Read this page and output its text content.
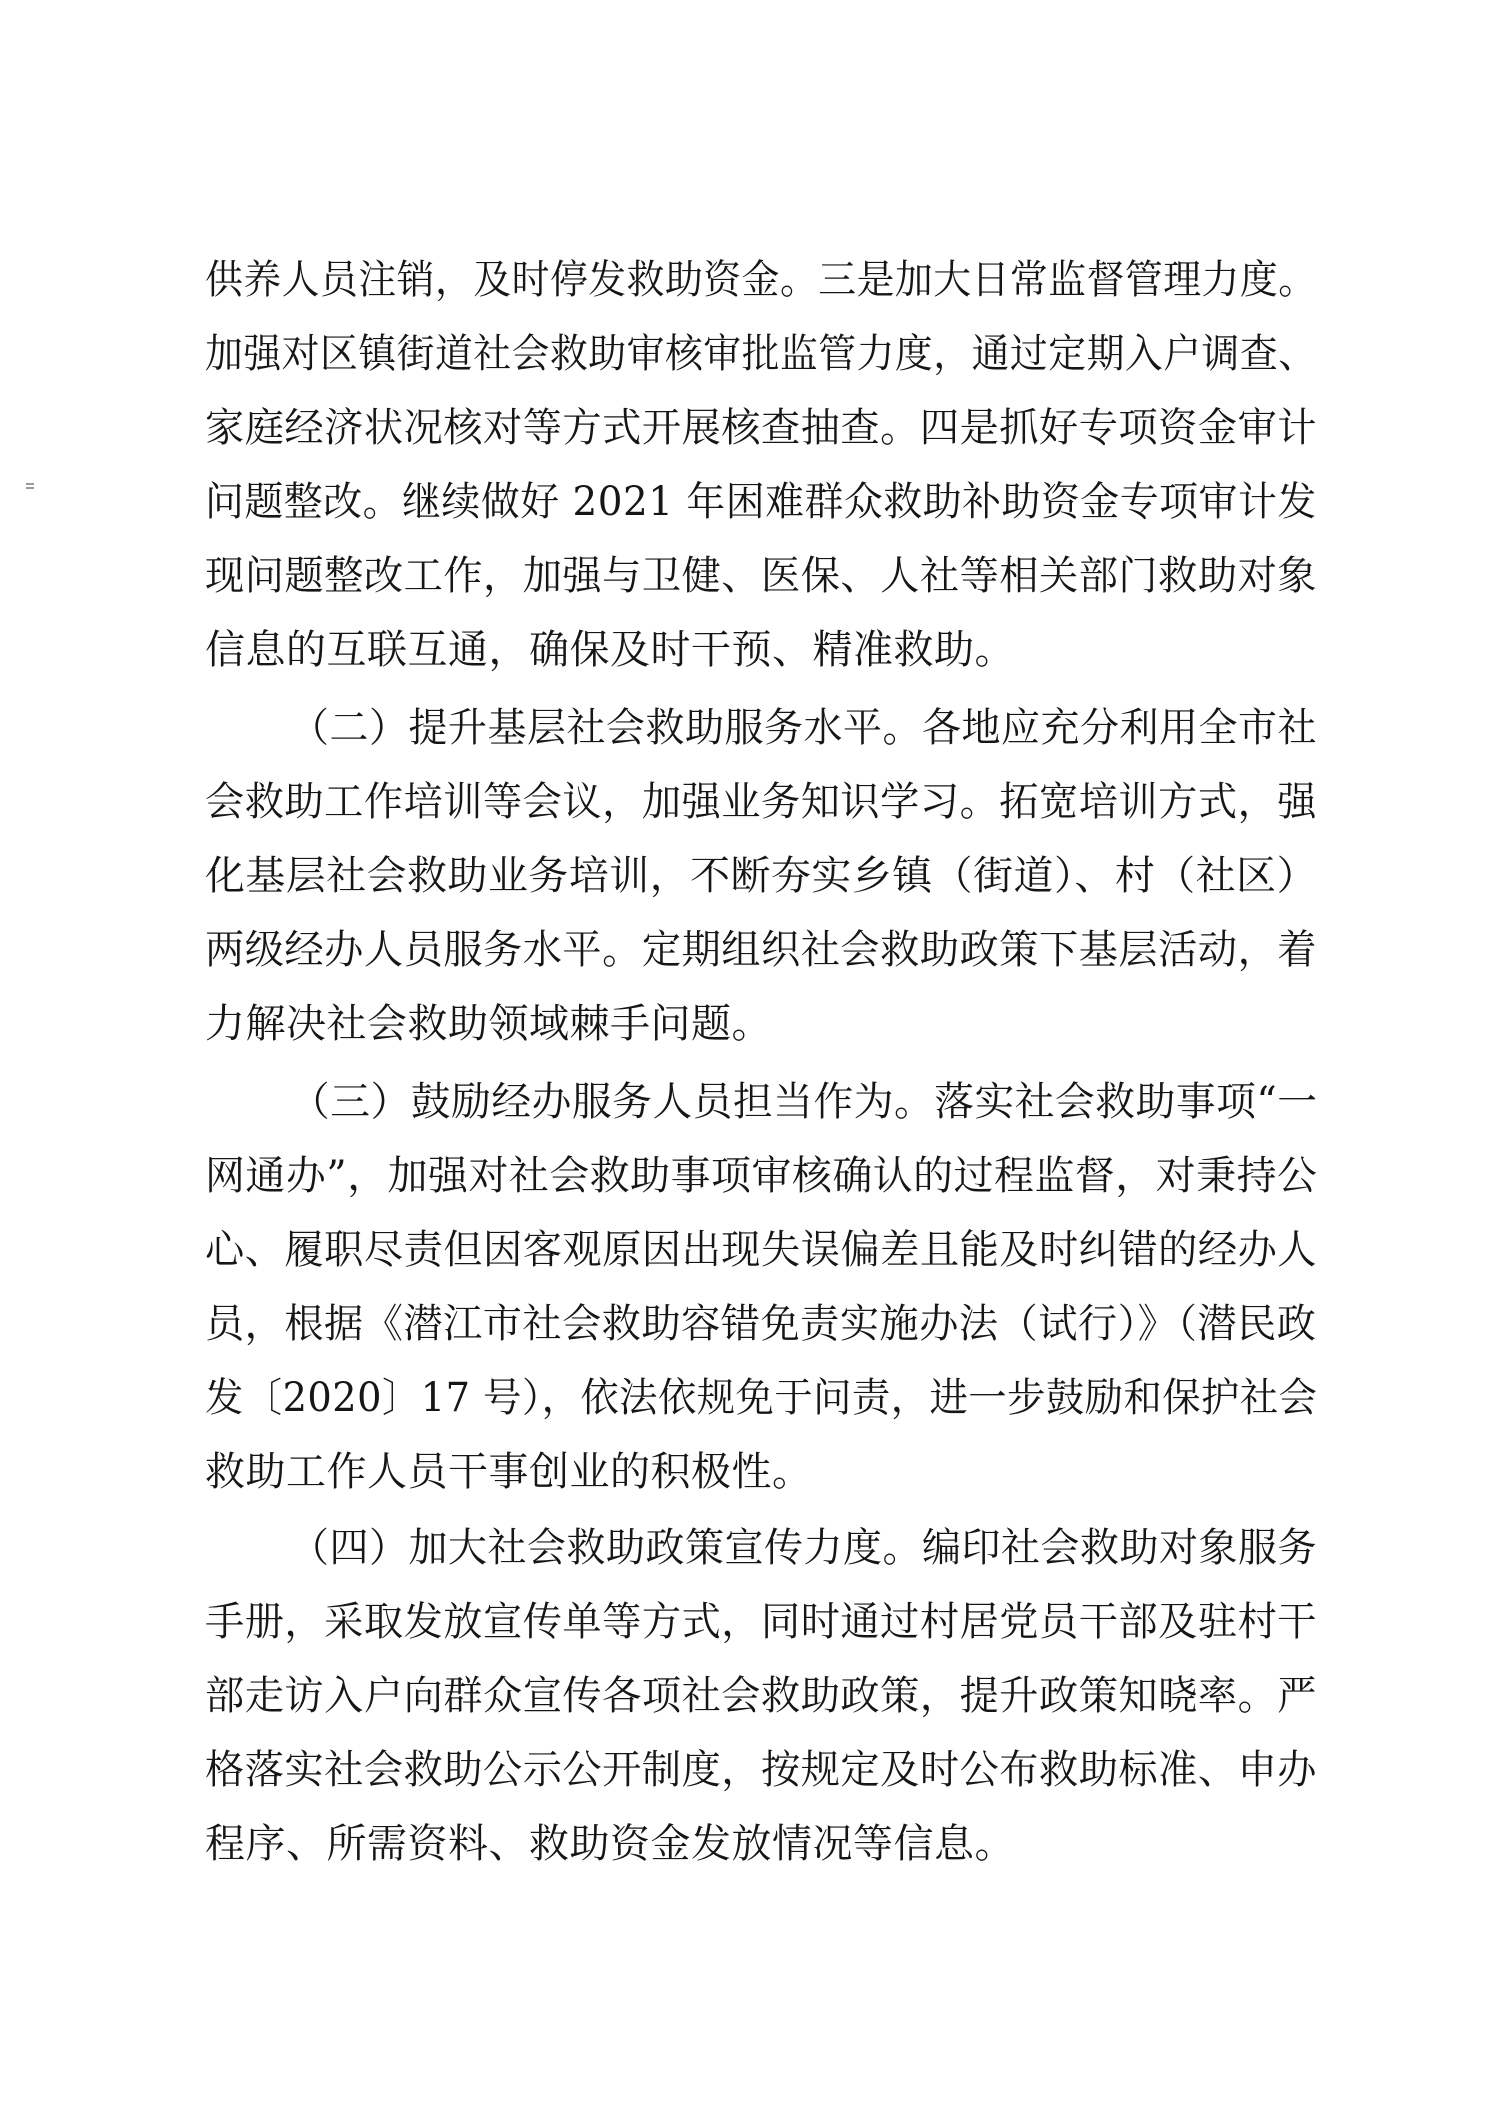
供养人员注销，及时停发救助资金。三是加大日常监督管理力度。
加强对区镇街道社会救助审核审批监管力度，通过定期入户调查、
家庭经济状况核对等方式开展核查抽查。四是抓好专项资金审计
问题整改。继续做好 2021 年困难群众救助补助资金专项审计发
现问题整改工作，加强与卫健、医保、人社等相关部门救助对象
信息的互联互通，确保及时干预、精准救助。
（二）提升基层社会救助服务水平。各地应充分利用全市社
会救助工作培训等会议，加强业务知识学习。拓宽培训方式，强
化基层社会救助业务培训，不断夯实乡镇（街道）、村（社区）
两级经办人员服务水平。定期组织社会救助政策下基层活动，着
力解决社会救助领域棘手问题。
（三）鼓励经办服务人员担当作为。落实社会救助事项“一
网通办”，加强对社会救助事项审核确认的过程监督，对秉持公
心、履职尽责但因客观原因出现失误偏差且能及时纠错的经办人
员，根据《潜江市社会救助容错免责实施办法（试行）》（潜民政
发〔2020〕17 号），依法依规免于问责，进一步鼓励和保护社会
救助工作人员干事创业的积极性。
（四）加大社会救助政策宣传力度。编印社会救助对象服务
手册，采取发放宣传单等方式，同时通过村居党员干部及驻村干
部走访入户向群众宣传各项社会救助政策，提升政策知晓率。严
格落实社会救助公示公开制度，按规定及时公布救助标准、申办
程序、所需资料、救助资金发放情况等信息。
